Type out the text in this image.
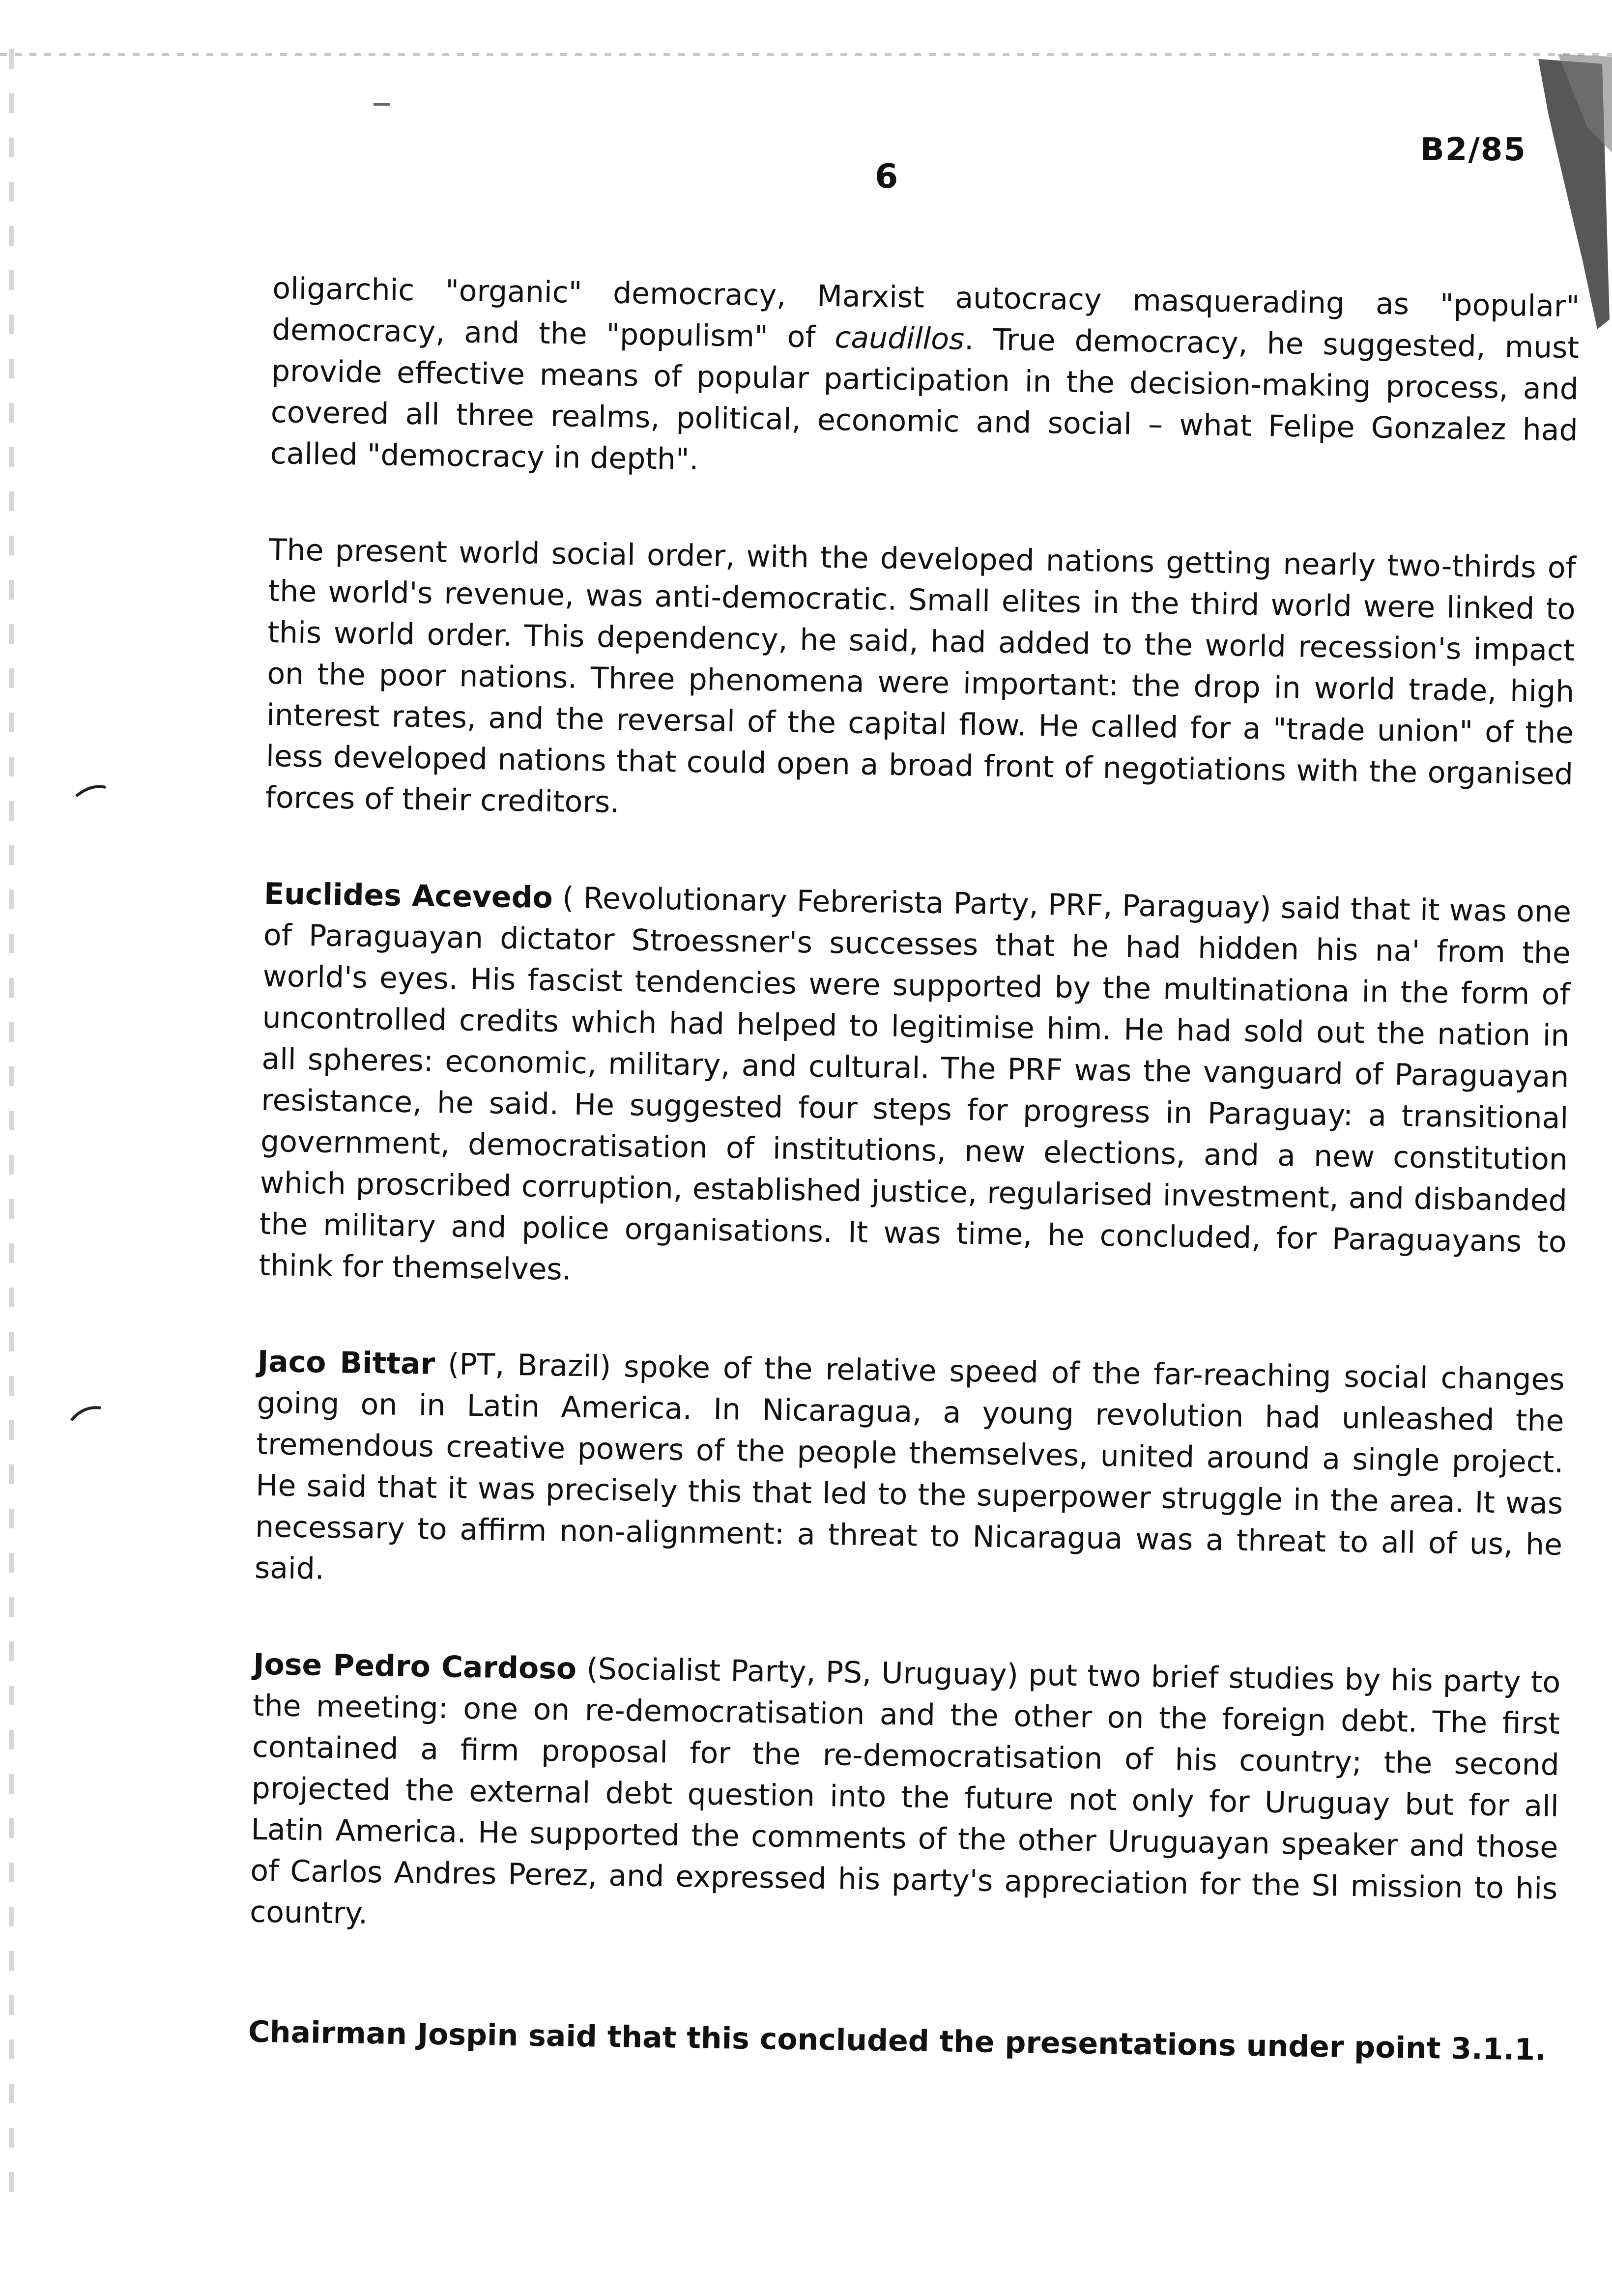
6
B2/85

oligarchic "organic" democracy, Marxist autocracy masquerading as "popular" democracy, and the "populism" of caudillos. True democracy, he suggested, must provide effective means of popular participation in the decision-making process, and covered all three realms, political, economic and social – what Felipe Gonzalez had called "democracy in depth".

The present world social order, with the developed nations getting nearly two-thirds of the world's revenue, was anti-democratic. Small elites in the third world were linked to this world order. This dependency, he said, had added to the world recession's impact on the poor nations. Three phenomena were important: the drop in world trade, high interest rates, and the reversal of the capital flow. He called for a "trade union" of the less developed nations that could open a broad front of negotiations with the organised forces of their creditors.

Euclides Acevedo ( Revolutionary Febrerista Party, PRF, Paraguay) said that it was one of Paraguayan dictator Stroessner's successes that he had hidden his na' from the world's eyes. His fascist tendencies were supported by the multinationa in the form of uncontrolled credits which had helped to legitimise him. He had sold out the nation in all spheres: economic, military, and cultural. The PRF was the vanguard of Paraguayan resistance, he said. He suggested four steps for progress in Paraguay: a transitional government, democratisation of institutions, new elections, and a new constitution which proscribed corruption, established justice, regularised investment, and disbanded the military and police organisations. It was time, he concluded, for Paraguayans to think for themselves.

Jaco Bittar (PT, Brazil) spoke of the relative speed of the far-reaching social changes going on in Latin America. In Nicaragua, a young revolution had unleashed the tremendous creative powers of the people themselves, united around a single project. He said that it was precisely this that led to the superpower struggle in the area. It was necessary to affirm non-alignment: a threat to Nicaragua was a threat to all of us, he said.

Jose Pedro Cardoso (Socialist Party, PS, Uruguay) put two brief studies by his party to the meeting: one on re-democratisation and the other on the foreign debt. The first contained a firm proposal for the re-democratisation of his country; the second projected the external debt question into the future not only for Uruguay but for all Latin America. He supported the comments of the other Uruguayan speaker and those of Carlos Andres Perez, and expressed his party's appreciation for the SI mission to his country.

Chairman Jospin said that this concluded the presentations under point 3.1.1.
